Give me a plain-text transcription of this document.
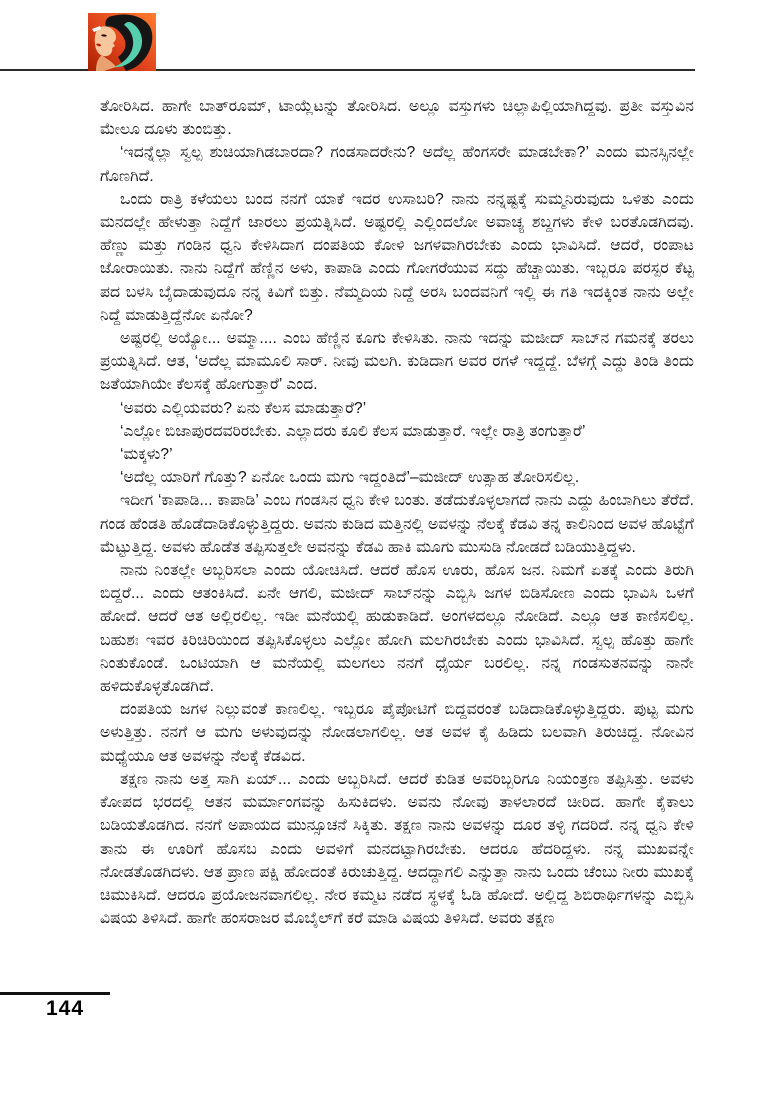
ತೋರಿಸಿದ. ಹಾಗೇ ಬಾತ್‌ರೂಮ್, ಟಾಯ್ಲೆಟನ್ನು ತೋರಿಸಿದ. ಅಲ್ಲೂ ವಸ್ತುಗಳು ಚಿಲ್ಲಾಪಿಲ್ಲಿಯಾಗಿದ್ದವು. ಪ್ರತೀ ವಸ್ತುವಿನ ಮೇಲೂ ದೂಳು ತುಂಬಿತ್ತು.

‘ಇದನ್ನೆಲ್ಲಾ ಸ್ವಲ್ಪ ಶುಚಿಯಾಗಿಡಬಾರದಾ? ಗಂಡಸಾದರೇನು? ಅದೆಲ್ಲ ಹೆಂಗಸರೇ ಮಾಡಬೇಕಾ?’ ಎಂದು ಮನಸ್ಸಿನಲ್ಲೇ ಗೊಣಗಿದೆ.

ಒಂದು ರಾತ್ರಿ ಕಳೆಯಲು ಬಂದ ನನಗೆ ಯಾಕೆ ಇದರ ಉಸಾಬರಿ? ನಾನು ನನ್ನಷ್ಟಕ್ಕೆ ಸುಮ್ಮನಿರುವುದು ಒಳಿತು ಎಂದು ಮನದಲ್ಲೇ ಹೇಳುತ್ತಾ ನಿದ್ದೆಗೆ ಜಾರಲು ಪ್ರಯತ್ನಿಸಿದೆ. ಅಷ್ಟರಲ್ಲಿ ಎಲ್ಲಿಂದಲೋ ಅವಾಚ್ಯ ಶಬ್ದಗಳು ಕೇಳಿ ಬರತೊಡಗಿದವು. ಹೆಣ್ಣು ಮತ್ತು ಗಂಡಿನ ಧ್ವನಿ ಕೇಳಿಸಿದಾಗ ದಂಪತಿಯ ಕೋಳಿ ಜಗಳವಾಗಿರಬೇಕು ಎಂದು ಭಾವಿಸಿದೆ. ಆದರೆ, ರಂಪಾಟ ಜೋರಾಯಿತು. ನಾನು ನಿದ್ದೆಗೆ ಹೆಣ್ಣಿನ ಅಳು, ಕಾಪಾಡಿ ಎಂದು ಗೋಗರೆಯುವ ಸದ್ದು ಹೆಚ್ಚಾಯಿತು. ಇಬ್ಬರೂ ಪರಸ್ಪರ ಕೆಟ್ಟ ಪದ ಬಳಸಿ ಬೈದಾಡುವುದೂ ನನ್ನ ಕಿವಿಗೆ ಬಿತ್ತು. ನೆಮ್ಮದಿಯ ನಿದ್ದೆ ಅರಸಿ ಬಂದವನಿಗೆ ಇಲ್ಲಿ ಈ ಗತಿ ಇದಕ್ಕಿಂತ ನಾನು ಅಲ್ಲೇ ನಿದ್ದೆ ಮಾಡುತ್ತಿದ್ದೆನೋ ಏನೋ?

ಅಷ್ಟರಲ್ಲಿ ಅಯ್ಯೋ... ಅಮ್ಮಾ.... ಎಂಬ ಹೆಣ್ಣಿನ ಕೂಗು ಕೇಳಿಸಿತು. ನಾನು ಇದನ್ನು ಮಜೀದ್ ಸಾಬ್‌ನ ಗಮನಕ್ಕೆ ತರಲು ಪ್ರಯತ್ನಿಸಿದೆ. ಆತ, ‘ಅದೆಲ್ಲ ಮಾಮೂಲಿ ಸಾರ್. ನೀವು ಮಲಗಿ. ಕುಡಿದಾಗ ಅವರ ರಗಳೆ ಇದ್ದದ್ದೆ. ಬೆಳಗ್ಗೆ ಎದ್ದು ತಿಂಡಿ ತಿಂದು ಜತೆಯಾಗಿಯೇ ಕೆಲಸಕ್ಕೆ ಹೋಗುತ್ತಾರೆ’ ಎಂದ.

‘ಅವರು ಎಲ್ಲಿಯವರು? ಏನು ಕೆಲಸ ಮಾಡುತ್ತಾರೆ?’

‘ಎಲ್ಲೋ ಬಿಜಾಪುರದವರಿರಬೇಕು. ಎಲ್ಲಾದರು ಕೂಲಿ ಕೆಲಸ ಮಾಡುತ್ತಾರೆ. ಇಲ್ಲೇ ರಾತ್ರಿ ತಂಗುತ್ತಾರೆ’

‘ಮಕ್ಕಳು?’

‘ಅದೆಲ್ಲ ಯಾರಿಗೆ ಗೊತ್ತು? ಏನೋ ಒಂದು ಮಗು ಇದ್ದಂತಿದೆ’–ಮಜೀದ್ ಉತ್ಸಾಹ ತೋರಿಸಲಿಲ್ಲ.

ಇದೀಗ ‘ಕಾಪಾಡಿ... ಕಾಪಾಡಿ’ ಎಂಬ ಗಂಡಸಿನ ಧ್ವನಿ ಕೇಳಿ ಬಂತು. ತಡೆದುಕೊಳ್ಳಲಾಗದೆ ನಾನು ಎದ್ದು ಹಿಂಬಾಗಿಲು ತೆರೆದೆ. ಗಂಡ ಹೆಂಡತಿ ಹೊಡೆದಾಡಿಕೊಳ್ಳುತ್ತಿದ್ದರು. ಅವನು ಕುಡಿದ ಮತ್ತಿನಲ್ಲಿ ಅವಳನ್ನು ನೆಲಕ್ಕೆ ಕೆಡವಿ ತನ್ನ ಕಾಲಿನಿಂದ ಅವಳ ಹೊಟ್ಟೆಗೆ ಮೆಟ್ಟುತ್ತಿದ್ದ. ಅವಳು ಹೊಡೆತ ತಪ್ಪಿಸುತ್ತಲೇ ಅವನನ್ನು ಕೆಡವಿ ಹಾಕಿ ಮೂಗು ಮುಸುಡಿ ನೋಡದೆ ಬಡಿಯುತ್ತಿದ್ದಳು.

ನಾನು ನಿಂತಲ್ಲೇ ಅಬ್ಬರಿಸಲಾ ಎಂದು ಯೋಚಿಸಿದೆ. ಆದರೆ ಹೊಸ ಊರು, ಹೊಸ ಜನ. ನಿಮಗೆ ಏತಕ್ಕೆ ಎಂದು ತಿರುಗಿ ಬಿದ್ದರೆ... ಎಂದು ಆತಂಕಿಸಿದೆ. ಏನೇ ಆಗಲಿ, ಮಜೀದ್ ಸಾಬ್‌ನನ್ನು ಎಬ್ಬಿಸಿ ಜಗಳ ಬಿಡಿಸೋಣ ಎಂದು ಭಾವಿಸಿ ಒಳಗೆ ಹೋದೆ. ಆದರೆ ಆತ ಅಲ್ಲಿರಲಿಲ್ಲ. ಇಡೀ ಮನೆಯಲ್ಲಿ ಹುಡುಕಾಡಿದೆ. ಅಂಗಳದಲ್ಲೂ ನೋಡಿದೆ. ಎಲ್ಲೂ ಆತ ಕಾಣಿಸಲಿಲ್ಲ. ಬಹುಶಃ ಇವರ ಕಿರಿಚಿರಿಯಿಂದ ತಪ್ಪಿಸಿಕೊಳ್ಳಲು ಎಲ್ಲೋ ಹೋಗಿ ಮಲಗಿರಬೇಕು ಎಂದು ಭಾವಿಸಿದೆ. ಸ್ವಲ್ಪ ಹೊತ್ತು ಹಾಗೇ ನಿಂತುಕೊಂಡೆ. ಒಂಟಿಯಾಗಿ ಆ ಮನೆಯಲ್ಲಿ ಮಲಗಲು ನನಗೆ ಧೈರ್ಯ ಬರಲಿಲ್ಲ. ನನ್ನ ಗಂಡಸುತನವನ್ನು ನಾನೇ ಹಳಿದುಕೊಳ್ಳತೊಡಗಿದೆ.

ದಂಪತಿಯ ಜಗಳ ನಿಲ್ಲುವಂತೆ ಕಾಣಲಿಲ್ಲ. ಇಬ್ಬರೂ ಪೈಪೋಟಿಗೆ ಬಿದ್ದವರಂತೆ ಬಡಿದಾಡಿಕೊಳ್ಳುತ್ತಿದ್ದರು. ಪುಟ್ಟ ಮಗು ಅಳುತ್ತಿತ್ತು. ನನಗೆ ಆ ಮಗು ಅಳುವುದನ್ನು ನೋಡಲಾಗಲಿಲ್ಲ. ಆತ ಅವಳ ಕೈ ಹಿಡಿದು ಬಲವಾಗಿ ತಿರುಚಿದ್ದ. ನೋವಿನ ಮಧ್ಯೆಯೂ ಆತ ಅವಳನ್ನು ನೆಲಕ್ಕೆ ಕೆಡವಿದ.

ತಕ್ಷಣ ನಾನು ಅತ್ತ ಸಾಗಿ ಏಯ್... ಎಂದು ಅಬ್ಬರಿಸಿದೆ. ಆದರೆ ಕುಡಿತ ಅವರಿಬ್ಬರಿಗೂ ನಿಯಂತ್ರಣ ತಪ್ಪಿಸಿತ್ತು. ಅವಳು ಕೋಪದ ಭರದಲ್ಲಿ ಆತನ ಮರ್ಮಾಂಗವನ್ನು ಹಿಸುಕಿದಳು. ಅವನು ನೋವು ತಾಳಲಾರದೆ ಚೀರಿದ. ಹಾಗೇ ಕೈಕಾಲು ಬಡಿಯತೊಡಗಿದ. ನನಗೆ ಅಪಾಯದ ಮುನ್ಸೂಚನೆ ಸಿಕ್ಕಿತು. ತಕ್ಷಣ ನಾನು ಅವಳನ್ನು ದೂರ ತಳ್ಳಿ ಗದರಿದೆ. ನನ್ನ ಧ್ವನಿ ಕೇಳಿ ತಾನು ಈ ಊರಿಗೆ ಹೊಸಬ ಎಂದು ಅವಳಿಗೆ ಮನದಟ್ಟಾಗಿರಬೇಕು. ಆದರೂ ಹೆದರಿದ್ದಳು. ನನ್ನ ಮುಖವನ್ನೇ ನೋಡತೊಡಗಿದಳು. ಆತ ಪ್ರಾಣ ಪಕ್ಷಿ ಹೋದಂತೆ ಕಿರುಚುತ್ತಿದ್ದ. ಆದದ್ದಾಗಲಿ ಎನ್ನುತ್ತಾ ನಾನು ಒಂದು ಚೆಂಬು ನೀರು ಮುಖಕ್ಕೆ ಚಿಮುಕಿಸಿದೆ. ಆದರೂ ಪ್ರಯೋಜನವಾಗಲಿಲ್ಲ. ನೇರ ಕಮ್ಮಟ ನಡೆದ ಸ್ಥಳಕ್ಕೆ ಓಡಿ ಹೋದೆ. ಅಲ್ಲಿದ್ದ ಶಿಬಿರಾರ್ಥಿಗಳನ್ನು ಎಬ್ಬಿಸಿ ವಿಷಯ ತಿಳಿಸಿದೆ. ಹಾಗೇ ಹಂಸರಾಜರ ಮೊಬೈಲ್‌ಗೆ ಕರೆ ಮಾಡಿ ವಿಷಯ ತಿಳಿಸಿದೆ. ಅವರು ತಕ್ಷಣ

144
